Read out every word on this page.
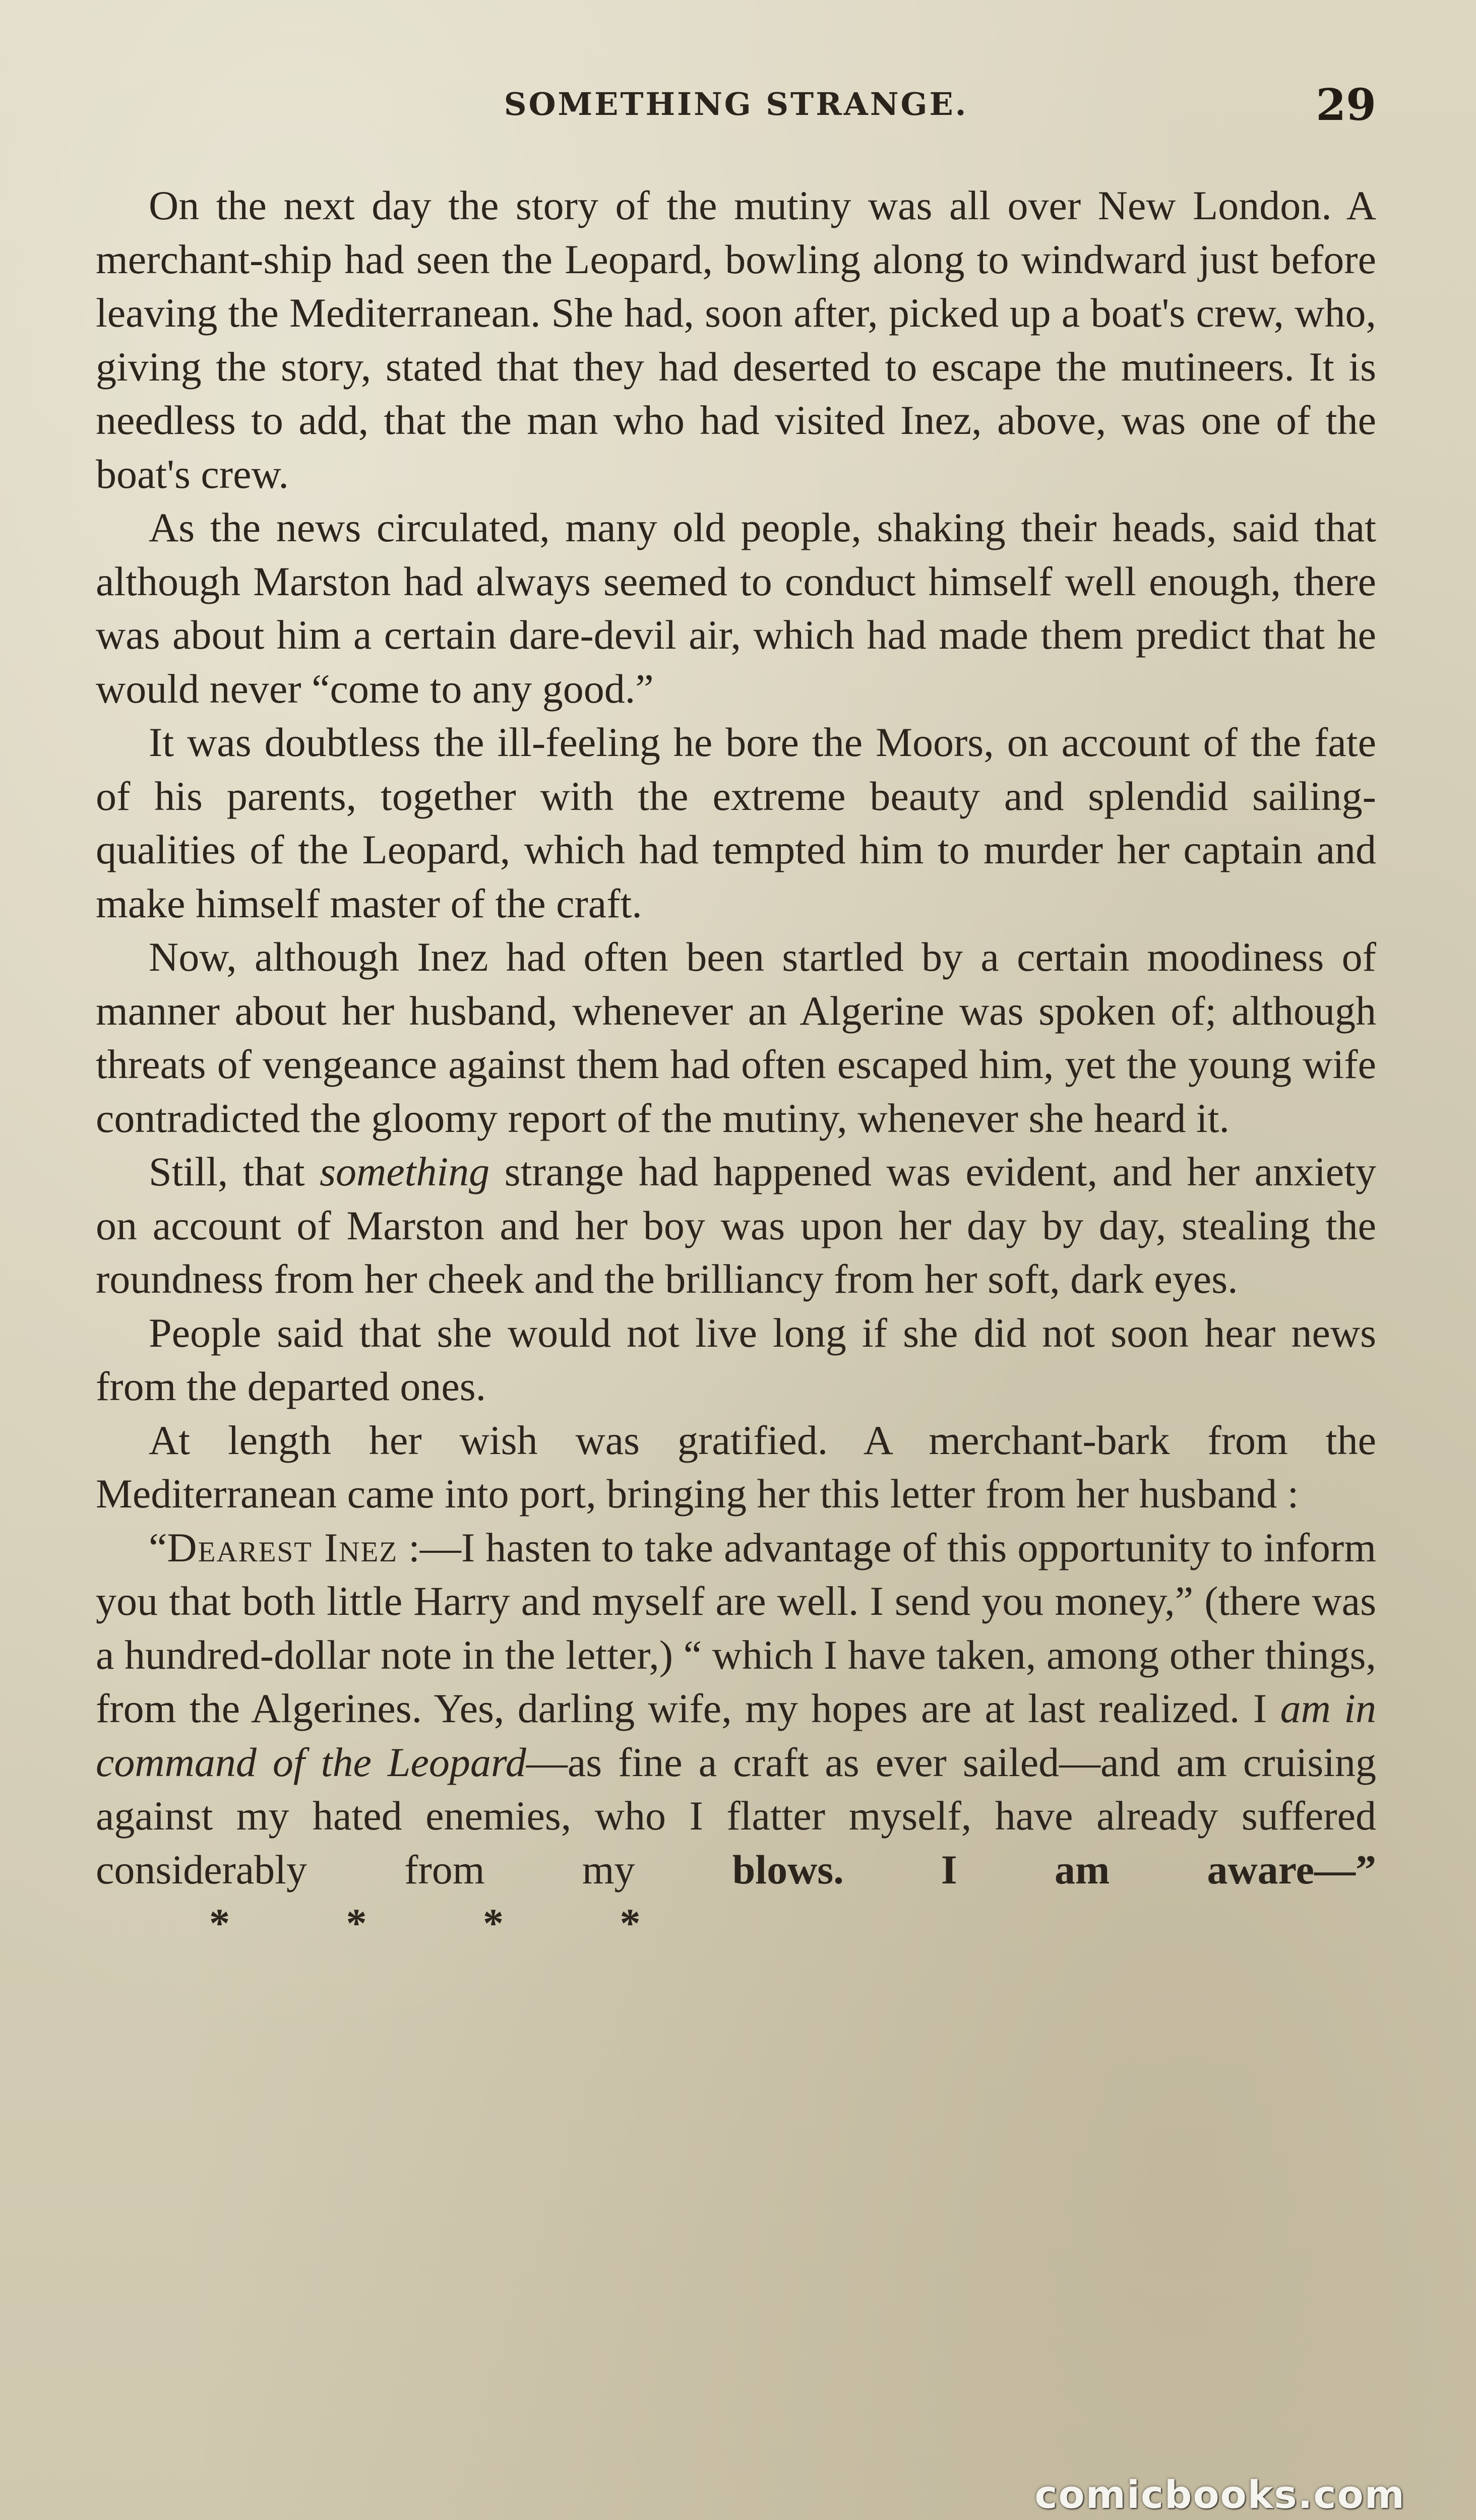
SOMETHING STRANGE.	29

On the next day the story of the mutiny was all over New London. A merchant-ship had seen the Leopard, bowling along to windward just before leaving the Mediterranean. She had, soon after, picked up a boat's crew, who, giving the story, stated that they had deserted to escape the mutineers. It is needless to add, that the man who had visited Inez, above, was one of the boat's crew.

As the news circulated, many old people, shaking their heads, said that although Marston had always seemed to conduct himself well enough, there was about him a certain dare-devil air, which had made them predict that he would never “come to any good.”

It was doubtless the ill-feeling he bore the Moors, on account of the fate of his parents, together with the extreme beauty and splendid sailing-qualities of the Leopard, which had tempted him to murder her captain and make himself master of the craft.

Now, although Inez had often been startled by a certain moodiness of manner about her husband, whenever an Algerine was spoken of; although threats of vengeance against them had often escaped him, yet the young wife contradicted the gloomy report of the mutiny, whenever she heard it.

Still, that something strange had happened was evident, and her anxiety on account of Marston and her boy was upon her day by day, stealing the roundness from her cheek and the brilliancy from her soft, dark eyes.

People said that she would not live long if she did not soon hear news from the departed ones.

At length her wish was gratified. A merchant-bark from the Mediterranean came into port, bringing her this letter from her husband :

“Dearest Inez :—I hasten to take advantage of this opportunity to inform you that both little Harry and myself are well. I send you money,” (there was a hundred-dollar note in the letter,) “ which I have taken, among other things, from the Algerines. Yes, darling wife, my hopes are at last realized. I am in command of the Leopard—as fine a craft as ever sailed—and am cruising against my hated enemies, who I flatter myself, have already suffered considerably from my blows. I am aware—”* * * *

comicbooks.com
